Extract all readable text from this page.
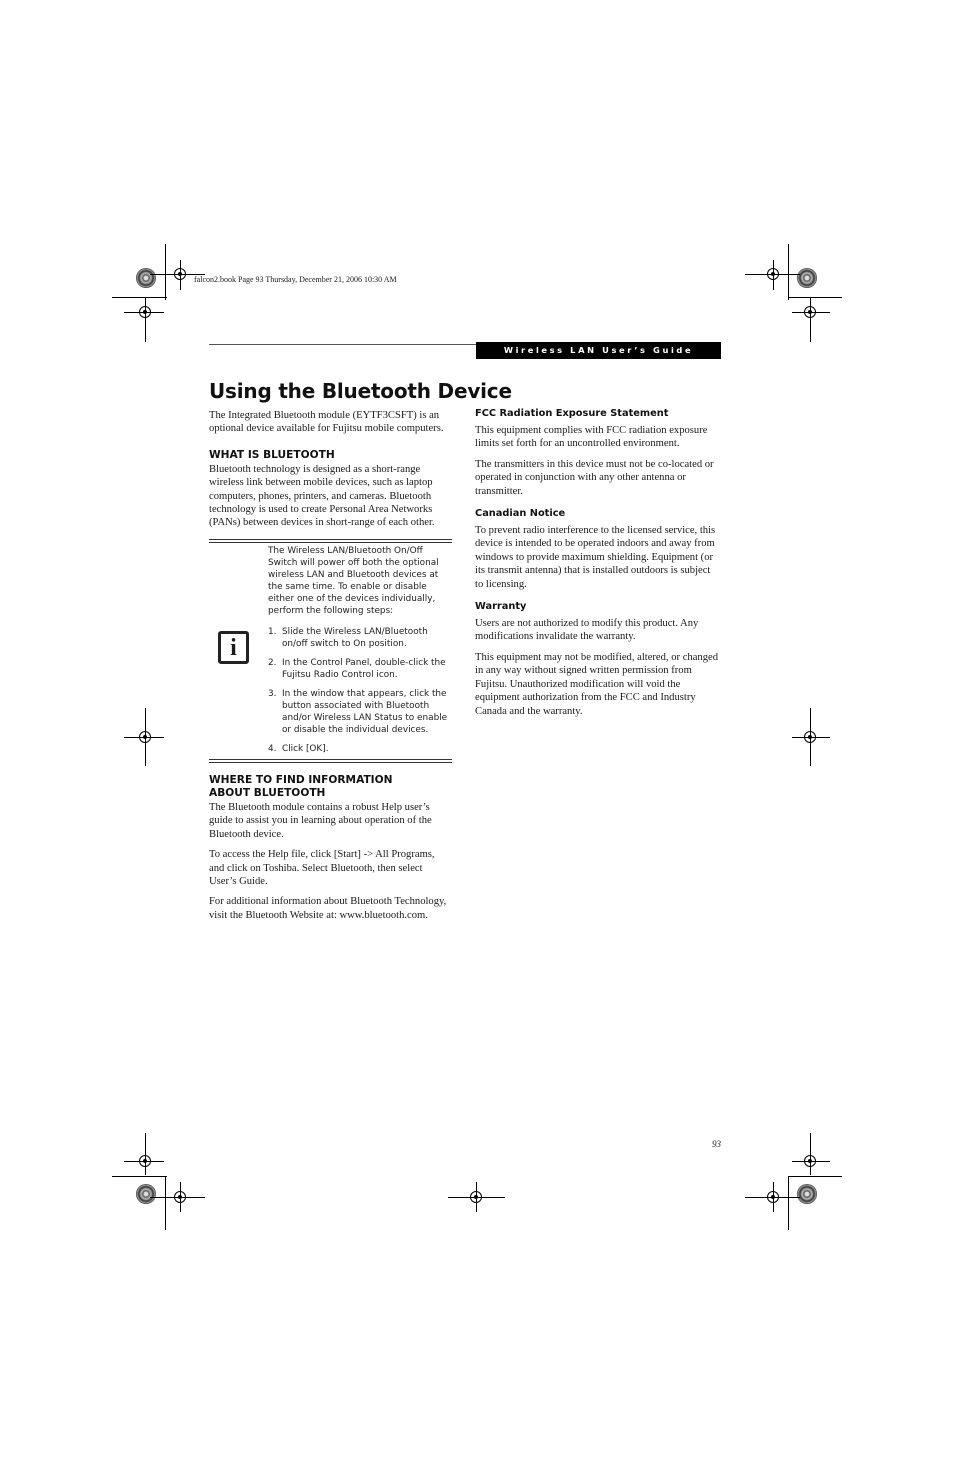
falcon2.book Page 93 Thursday, December 21, 2006 10:30 AM
Wireless LAN User’s Guide
Using the Bluetooth Device

The Integrated Bluetooth module (EYTF3CSFT) is an optional device available for Fujitsu mobile computers.

WHAT IS BLUETOOTH

Bluetooth technology is designed as a short-range wireless link between mobile devices, such as laptop computers, phones, printers, and cameras. Bluetooth technology is used to create Personal Area Networks (PANs) between devices in short-range of each other.

i

The Wireless LAN/Bluetooth On/Off Switch will power off both the optional wireless LAN and Bluetooth devices at the same time. To enable or disable either one of the devices individually, perform the following steps:

1. Slide the Wireless LAN/Bluetooth on/off switch to On position.
2. In the Control Panel, double-click the Fujitsu Radio Control icon.
3. In the window that appears, click the button associated with Bluetooth and/or Wireless LAN Status to enable or disable the individual devices.
4. Click [OK].
WHERE TO FIND INFORMATION
ABOUT BLUETOOTH

The Bluetooth module contains a robust Help user’s guide to assist you in learning about operation of the Bluetooth device.

To access the Help file, click [Start] -> All Programs, and click on Toshiba. Select Bluetooth, then select User’s Guide.

For additional information about Bluetooth Technology, visit the Bluetooth Website at: www.bluetooth.com.

FCC Radiation Exposure Statement

This equipment complies with FCC radiation exposure limits set forth for an uncontrolled environment.

The transmitters in this device must not be co-located or operated in conjunction with any other antenna or transmitter.

Canadian Notice

To prevent radio interference to the licensed service, this device is intended to be operated indoors and away from windows to provide maximum shielding. Equipment (or its transmit antenna) that is installed outdoors is subject to licensing.

Warranty

Users are not authorized to modify this product. Any modifications invalidate the warranty.

This equipment may not be modified, altered, or changed in any way without signed written permission from Fujitsu. Unauthorized modification will void the equipment authorization from the FCC and Industry Canada and the warranty.

93
